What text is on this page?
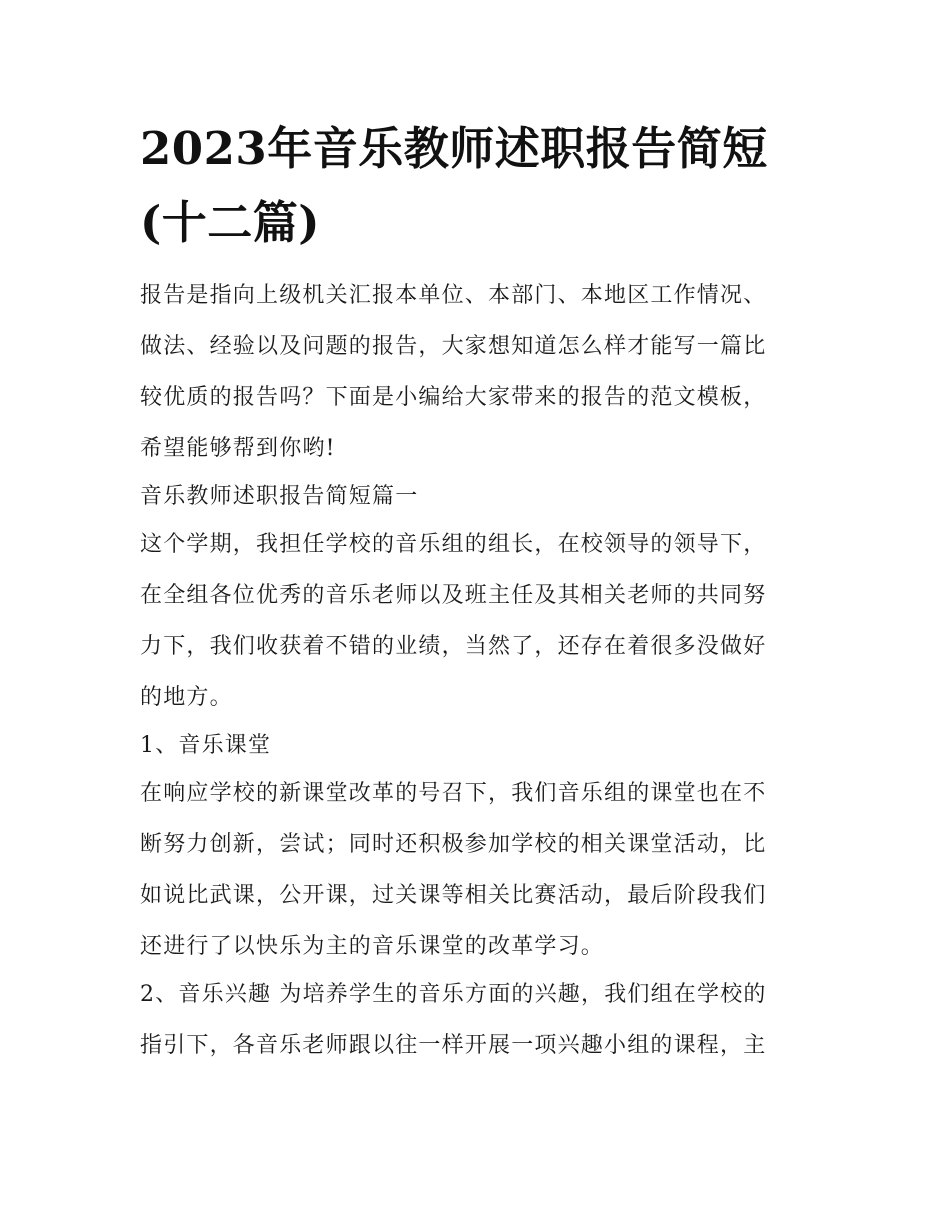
2023年音乐教师述职报告简短
(十二篇)
报告是指向上级机关汇报本单位、本部门、本地区工作情况、
做法、经验以及问题的报告，大家想知道怎么样才能写一篇比
较优质的报告吗？下面是小编给大家带来的报告的范文模板，
希望能够帮到你哟!
音乐教师述职报告简短篇一
这个学期，我担任学校的音乐组的组长，在校领导的领导下，
在全组各位优秀的音乐老师以及班主任及其相关老师的共同努
力下，我们收获着不错的业绩，当然了，还存在着很多没做好
的地方。
1、音乐课堂
在响应学校的新课堂改革的号召下，我们音乐组的课堂也在不
断努力创新，尝试；同时还积极参加学校的相关课堂活动，比
如说比武课，公开课，过关课等相关比赛活动，最后阶段我们
还进行了以快乐为主的音乐课堂的改革学习。
2、音乐兴趣 为培养学生的音乐方面的兴趣，我们组在学校的
指引下，各音乐老师跟以往一样开展一项兴趣小组的课程，主
